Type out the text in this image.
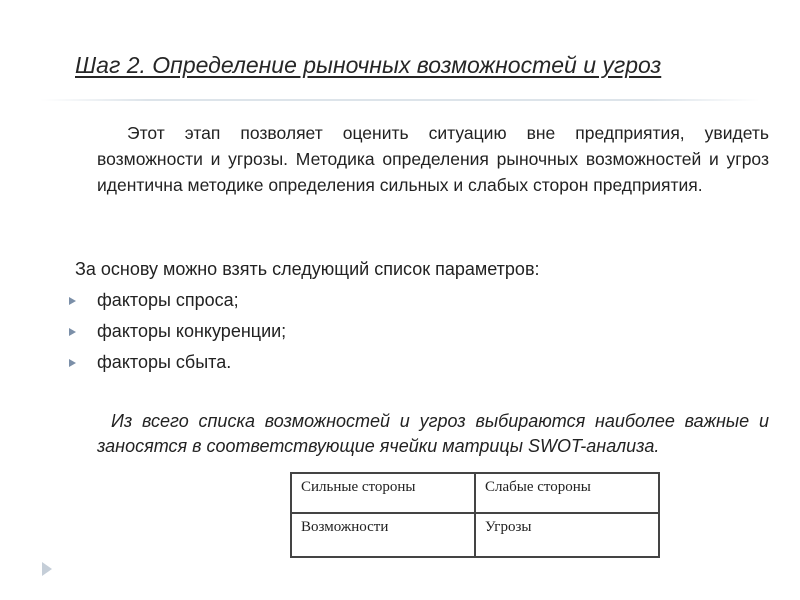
Шаг 2. Определение рыночных возможностей и угроз
Этот этап позволяет оценить ситуацию вне предприятия, увидеть возможности и угрозы. Методика определения рыночных возможностей и угроз идентична методике определения сильных и слабых сторон предприятия.
За основу можно взять следующий список параметров:
факторы спроса;
факторы конкуренции;
факторы сбыта.
Из всего списка возможностей и угроз выбираются наиболее важные и заносятся в соответствующие ячейки матрицы SWOT-анализа.
Сильные стороны	Слабые стороны
Возможности	Угрозы
